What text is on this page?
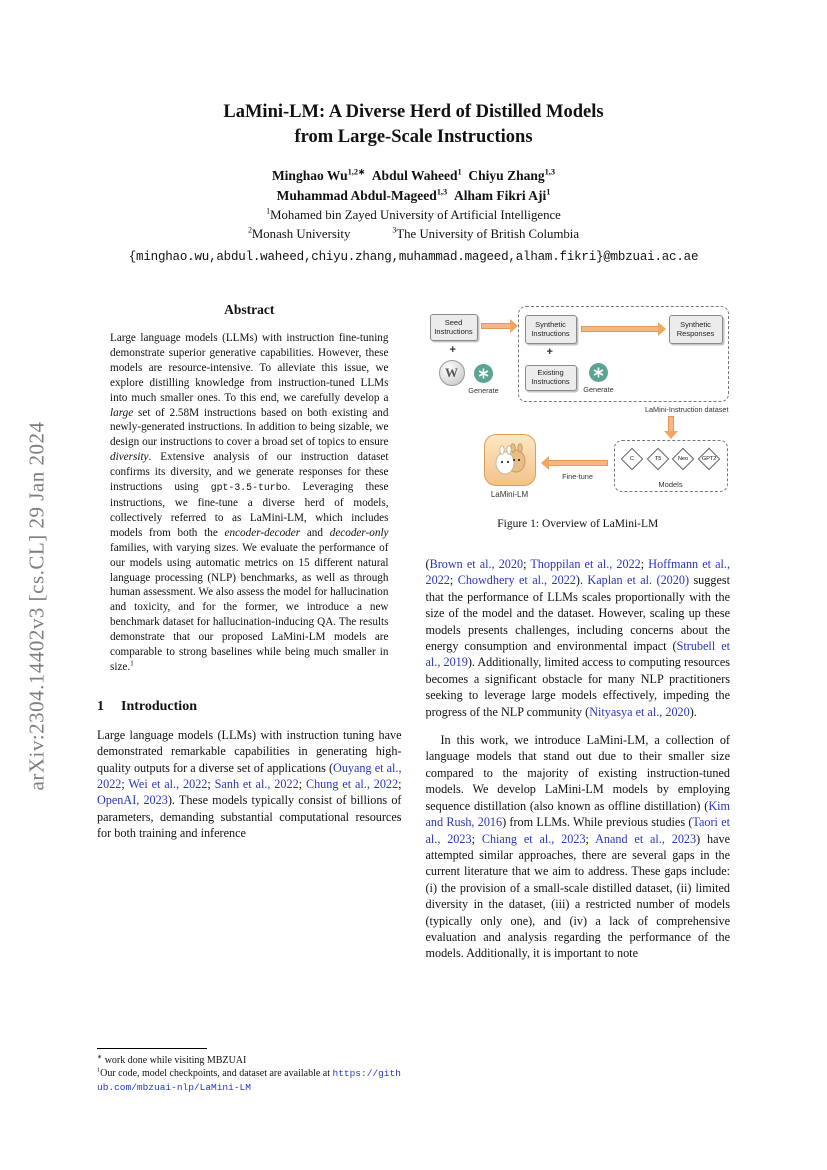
arXiv:2304.14402v3 [cs.CL] 29 Jan 2024
LaMini-LM: A Diverse Herd of Distilled Models
from Large-Scale Instructions
Minghao $Wu^{1,2∗}$ Abdul Waheed$^1$ Chiyu Zhang$^{1,3}$
Muhammad Abdul-Mageed$^{1,3}$ Alham Fikri Aji$^1$
$^1$Mohamed bin Zayed University of Artificial Intelligence
$^2$Monash University	$^3$The University of British Columbia
{minghao.wu,abdul.waheed,chiyu.zhang,muhammad.mageed,alham.fikri}@mbzuai.ac.ae
Abstract

Large language models (LLMs) with instruction fine-tuning demonstrate superior generative capabilities. However, these models are resource-intensive. To alleviate this issue, we explore distilling knowledge from instruction-tuned LLMs into much smaller ones. To this end, we carefully develop a large set of 2.58M instructions based on both existing and newly-generated instructions. In addition to being sizable, we design our instructions to cover a broad set of topics to ensure diversity. Extensive analysis of our instruction dataset confirms its diversity, and we generate responses for these instructions using gpt-3.5-turbo. Leveraging these instructions, we fine-tune a diverse herd of models, collectively referred to as LaMini-LM, which includes models from both the encoder-decoder and decoder-only families, with varying sizes. We evaluate the performance of our models using automatic metrics on 15 different natural language processing (NLP) benchmarks, as well as through human assessment. We also assess the model for hallucination and toxicity, and for the former, we introduce a new benchmark dataset for hallucination-inducing QA. The results demonstrate that our proposed LaMini-LM models are comparable to strong baselines while being much smaller in size.$^1$

1 Introduction

Large language models (LLMs) with instruction tuning have demonstrated remarkable capabilities in generating high-quality outputs for a diverse set of applications (Ouyang et al., 2022; Wei et al., 2022; Sanh et al., 2022; Chung et al., 2022; OpenAI, 2023). These models typically consist of billions of parameters, demanding substantial computational resources for both training and inference

∗ work done while visiting MBZUAI
$^1$Our code, model checkpoints, and dataset are available at https://github.com/mbzuai-nlp/LaMini-LM
Seed Instructions
+
W
Generate
Synthetic Instructions
+
Existing Instructions
Generate
Synthetic Responses
LaMini-Instruction dataset
C	T5	Neo GPT2
Models
Fine-tune
LaMini-LM
Figure 1: Overview of LaMini-LM

(Brown et al., 2020; Thoppilan et al., 2022; Hoffmann et al., 2022; Chowdhery et al., 2022). Kaplan et al. (2020) suggest that the performance of LLMs scales proportionally with the size of the model and the dataset. However, scaling up these models presents challenges, including concerns about the energy consumption and environmental impact (Strubell et al., 2019). Additionally, limited access to computing resources becomes a significant obstacle for many NLP practitioners seeking to leverage large models effectively, impeding the progress of the NLP community (Nityasya et al., 2020).

In this work, we introduce LaMini-LM, a collection of language models that stand out due to their smaller size compared to the majority of existing instruction-tuned models. We develop LaMini-LM models by employing sequence distillation (also known as offline distillation) (Kim and Rush, 2016) from LLMs. While previous studies (Taori et al., 2023; Chiang et al., 2023; Anand et al., 2023) have attempted similar approaches, there are several gaps in the current literature that we aim to address. These gaps include: (i) the provision of a small-scale distilled dataset, (ii) limited diversity in the dataset, (iii) a restricted number of models (typically only one), and (iv) a lack of comprehensive evaluation and analysis regarding the performance of the models. Additionally, it is important to note
